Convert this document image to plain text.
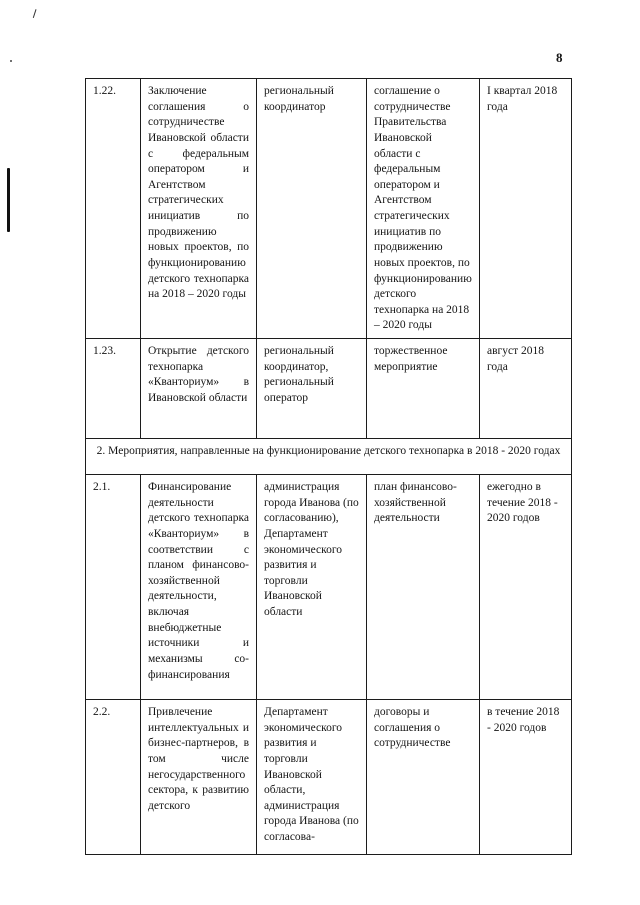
8
1.22.	Заключение соглашения о сотрудничестве Ивановской области с федеральным оператором и Агентством стратегических инициатив по продвижению новых проектов, по функционированию детского технопарка на 2018 – 2020 годы	региональный координатор	соглашение о сотрудничестве Правительства Ивановской области с федеральным оператором и Агентством стратегических инициатив по продвижению новых проектов, по функционированию детского технопарка на 2018 – 2020 годы	I квартал 2018 года
1.23.	Открытие детского технопарка «Кванториум» в Ивановской области	региональный координатор, региональный оператор	торжественное мероприятие	август 2018 года
2. Мероприятия, направленные на функционирование детского технопарка в 2018 - 2020 годах				
2.1.	Финансирование деятельности детского технопарка «Кванториум» в соответствии с планом финансово-хозяйственной деятельности, включая внебюджетные источники и механизмы со-финансирования	администрация города Иванова (по согласованию), Департамент экономического развития и торговли Ивановской области	план финансово-хозяйственной деятельности	ежегодно в течение 2018 - 2020 годов
2.2.	Привлечение интеллектуальных и бизнес-партнеров, в том числе негосударственного сектора, к развитию детского	Департамент экономического развития и торговли Ивановской области, администрация города Иванова (по согласова-	договоры и соглашения о сотрудничестве	в течение 2018 - 2020 годов
